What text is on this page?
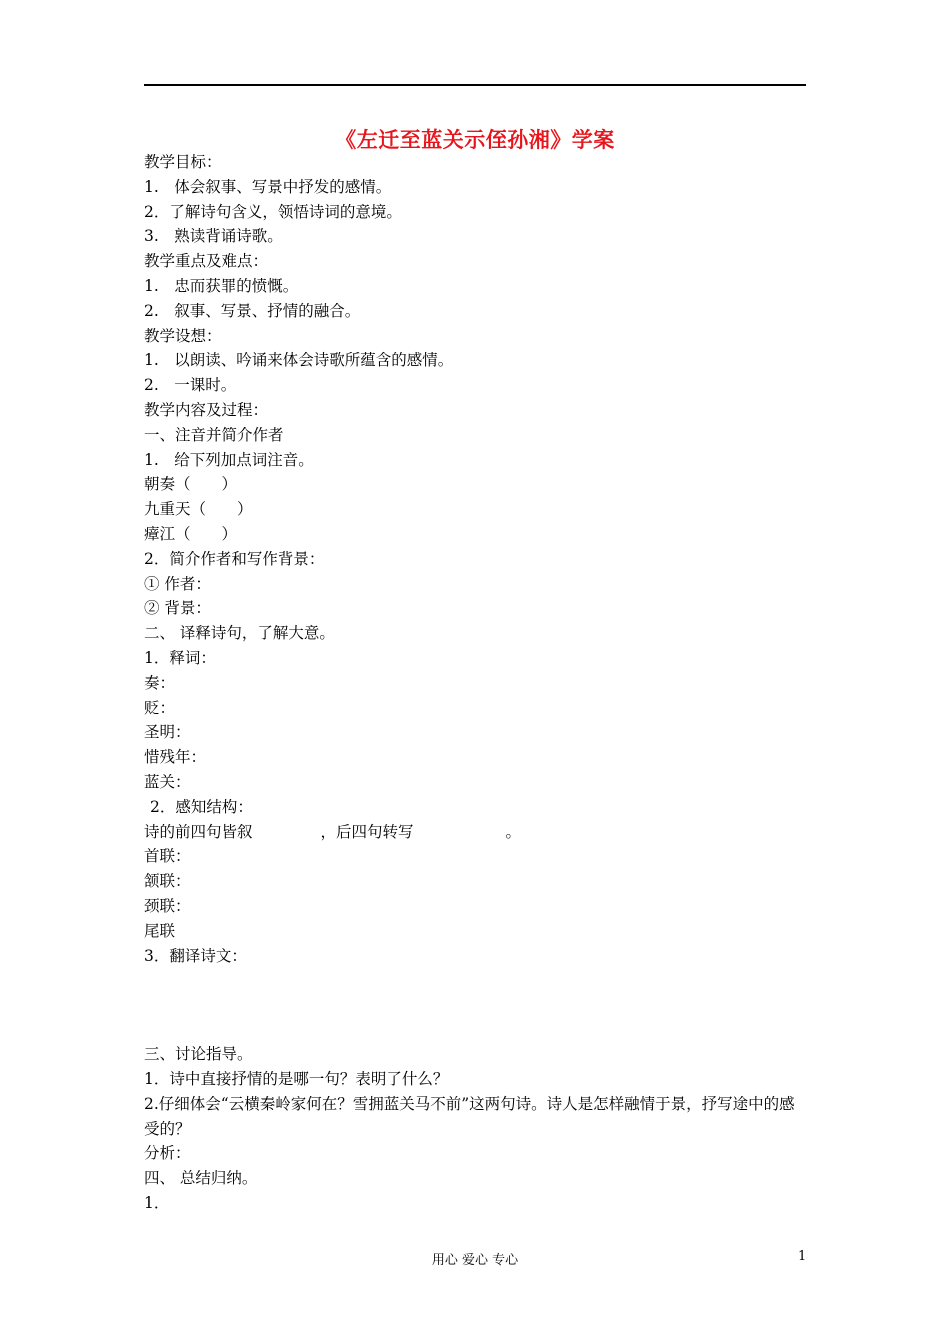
《左迁至蓝关示侄孙湘》学案
教学目标：
1.　体会叙事、写景中抒发的感情。
2．了解诗句含义，领悟诗词的意境。
3.　熟读背诵诗歌。
教学重点及难点：
1.　忠而获罪的愤慨。
2.　叙事、写景、抒情的融合。
教学设想：
1.　以朗读、吟诵来体会诗歌所蕴含的感情。
2.　一课时。
教学内容及过程：
一、注音并简介作者
1.　给下列加点词注音。
朝奏（　　）
九重天（　　）
瘴江（　　）
2．简介作者和写作背景：
① 作者：
② 背景：
二、 译释诗句，了解大意。
1．释词：
奏：
贬：
圣明：
惜残年：
蓝关：
2．感知结构：
诗的前四句皆叙	，后四句转写	。
首联：
颔联：
颈联：
尾联
3．翻译诗文：
三、讨论指导。
1．诗中直接抒情的是哪一句？表明了什么？
2.仔细体会“云横秦岭家何在？雪拥蓝关马不前”这两句诗。诗人是怎样融情于景，抒写途中的感受的？
分析：
四、 总结归纳。
1．
用心 爱心 专心	1
